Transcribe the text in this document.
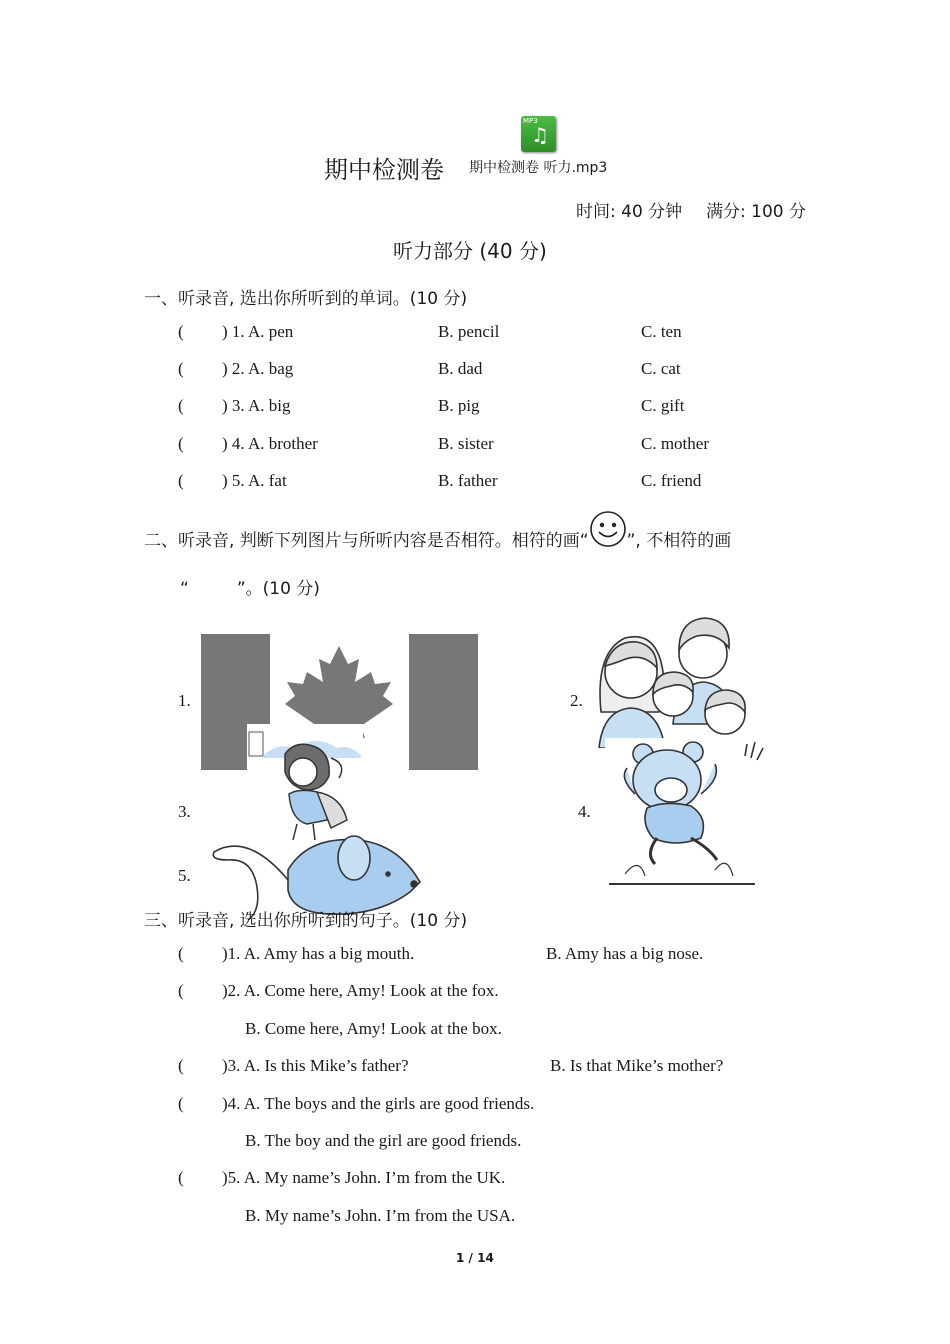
期中检测卷
MP3
♫
期中检测卷 听力.mp3
时间: 40 分钟 满分: 100 分
听力部分 (40 分)
一、听录音, 选出你所听到的单词。(10 分)
( ) 1. A. pen	B. pencil	C. ten
( ) 2. A. bag	B. dad	C. cat
( ) 3. A. big	B. pig	C. gift
( ) 4. A. brother	B. sister	C. mother
( ) 5. A. fat	B. father	C. friend
二、听录音, 判断下列图片与所听内容是否相符。相符的画“ ”, 不相符的画
“	”。(10 分)
1.	2.
3.	4.
5.
三、听录音, 选出你所听到的句子。(10 分)
( )1. A. Amy has a big mouth.	B. Amy has a big nose.
( )2. A. Come here, Amy! Look at the fox.
B. Come here, Amy! Look at the box.
( )3. A. Is this Mike’s father?	B. Is that Mike’s mother?
( )4. A. The boys and the girls are good friends.
B. The boy and the girl are good friends.
( )5. A. My name’s John. I’m from the UK.
B. My name’s John. I’m from the USA.
1 / 14
